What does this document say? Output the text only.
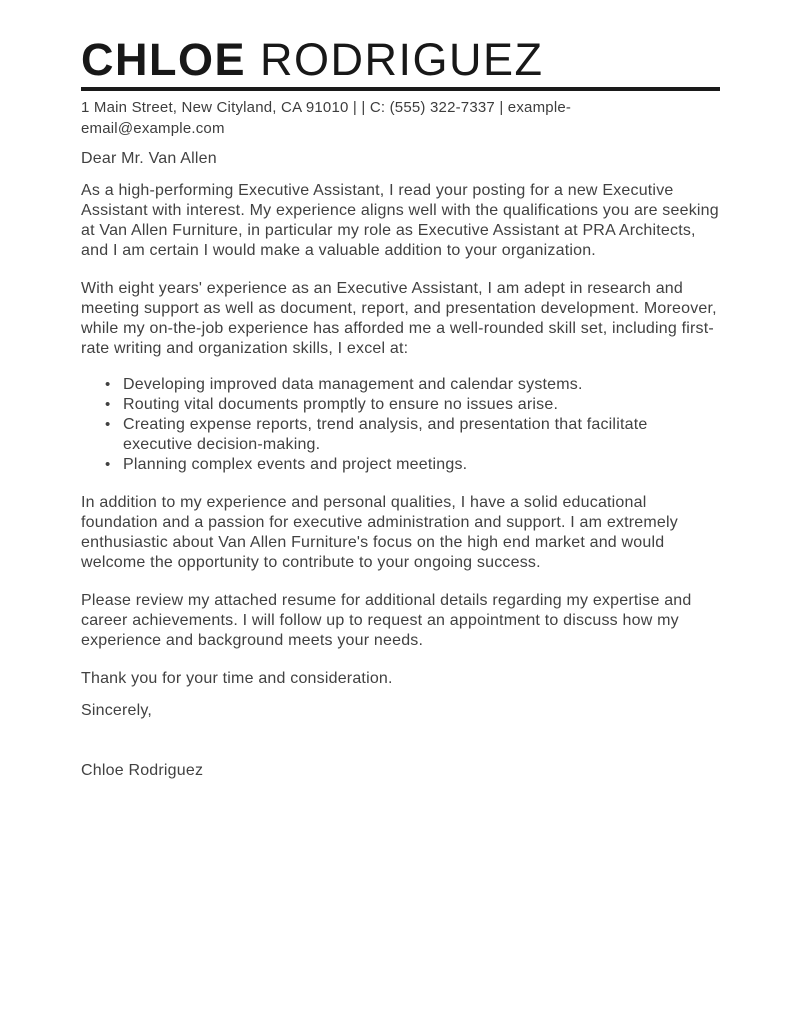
CHLOE RODRIGUEZ
1 Main Street, New Cityland, CA 91010 | | C: (555) 322-7337 | example-
email@example.com

Dear Mr. Van Allen

As a high-performing Executive Assistant, I read your posting for a new Executive Assistant with interest. My experience aligns well with the qualifications you are seeking at Van Allen Furniture, in particular my role as Executive Assistant at PRA Architects, and I am certain I would make a valuable addition to your organization.

With eight years' experience as an Executive Assistant, I am adept in research and meeting support as well as document, report, and presentation development. Moreover, while my on-the-job experience has afforded me a well-rounded skill set, including first-rate writing and organization skills, I excel at:

• Developing improved data management and calendar systems.
• Routing vital documents promptly to ensure no issues arise.
• Creating expense reports, trend analysis, and presentation that facilitate executive decision-making.
• Planning complex events and project meetings.

In addition to my experience and personal qualities, I have a solid educational foundation and a passion for executive administration and support. I am extremely enthusiastic about Van Allen Furniture's focus on the high end market and would welcome the opportunity to contribute to your ongoing success.

Please review my attached resume for additional details regarding my expertise and career achievements. I will follow up to request an appointment to discuss how my experience and background meets your needs.

Thank you for your time and consideration.

Sincerely,

Chloe Rodriguez
